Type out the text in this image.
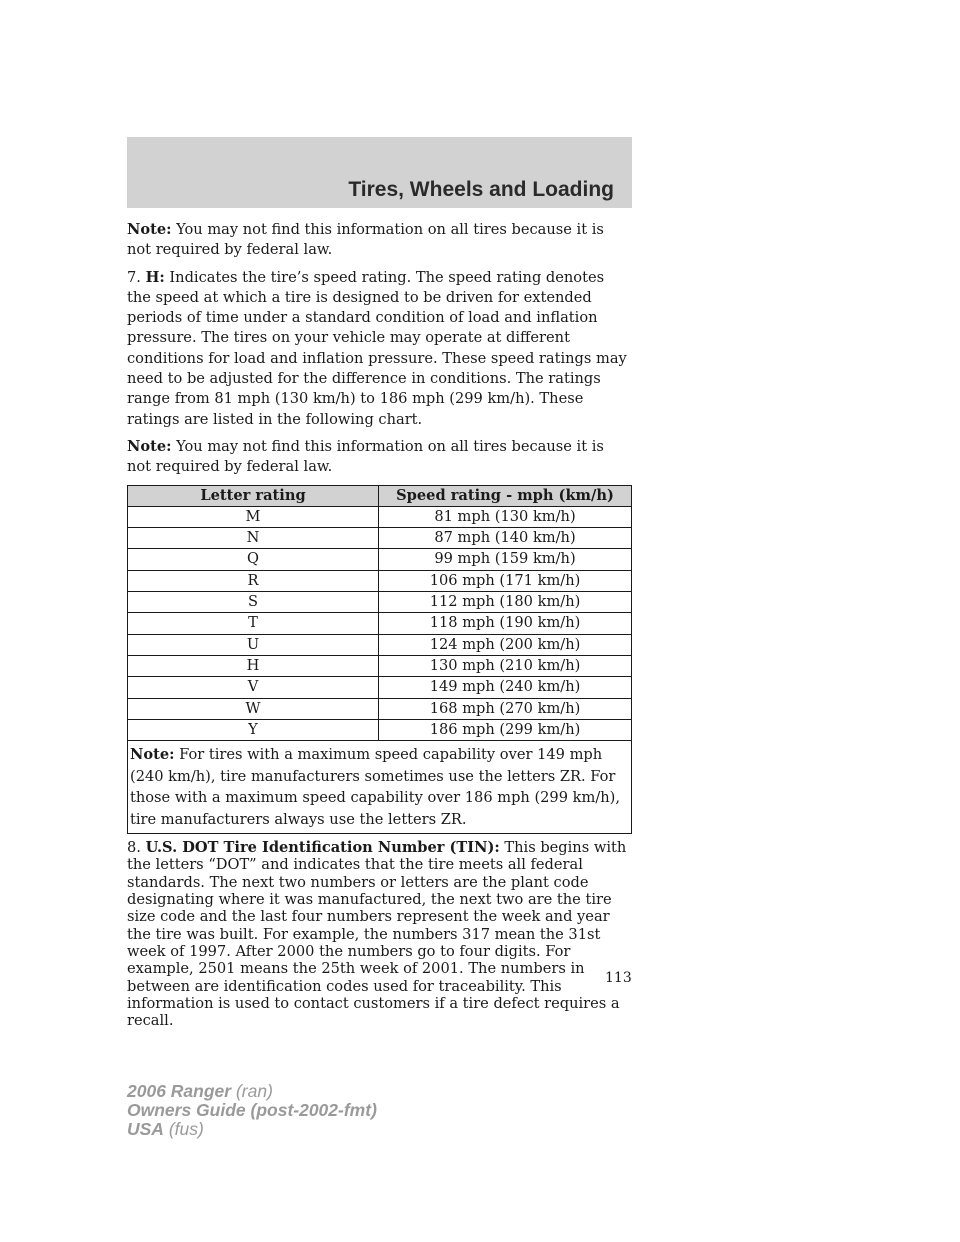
Tires, Wheels and Loading

Note: You may not find this information on all tires because it is not required by federal law.

7. H: Indicates the tire’s speed rating. The speed rating denotes the speed at which a tire is designed to be driven for extended periods of time under a standard condition of load and inflation pressure. The tires on your vehicle may operate at different conditions for load and inflation pressure. These speed ratings may need to be adjusted for the difference in conditions. The ratings range from 81 mph (130 km/h) to 186 mph (299 km/h). These ratings are listed in the following chart.

Note: You may not find this information on all tires because it is not required by federal law.

Letter rating	Speed rating - mph (km/h)
M	81 mph (130 km/h)
N	87 mph (140 km/h)
Q	99 mph (159 km/h)
R	106 mph (171 km/h)
S	112 mph (180 km/h)
T	118 mph (190 km/h)
U	124 mph (200 km/h)
H	130 mph (210 km/h)
V	149 mph (240 km/h)
W	168 mph (270 km/h)
Y	186 mph (299 km/h)
Note: For tires with a maximum speed capability over 149 mph (240 km/h), tire manufacturers sometimes use the letters ZR. For those with a maximum speed capability over 186 mph (299 km/h), tire manufacturers always use the letters ZR.	

8. U.S. DOT Tire Identification Number (TIN): This begins with the letters “DOT” and indicates that the tire meets all federal standards. The next two numbers or letters are the plant code designating where it was manufactured, the next two are the tire size code and the last four numbers represent the week and year the tire was built. For example, the numbers 317 mean the 31st week of 1997. After 2000 the numbers go to four digits. For example, 2501 means the 25th week of 2001. The numbers in between are identification codes used for traceability. This information is used to contact customers if a tire defect requires a recall.

113
2006 Ranger (ran)
Owners Guide (post-2002-fmt)
USA (fus)
